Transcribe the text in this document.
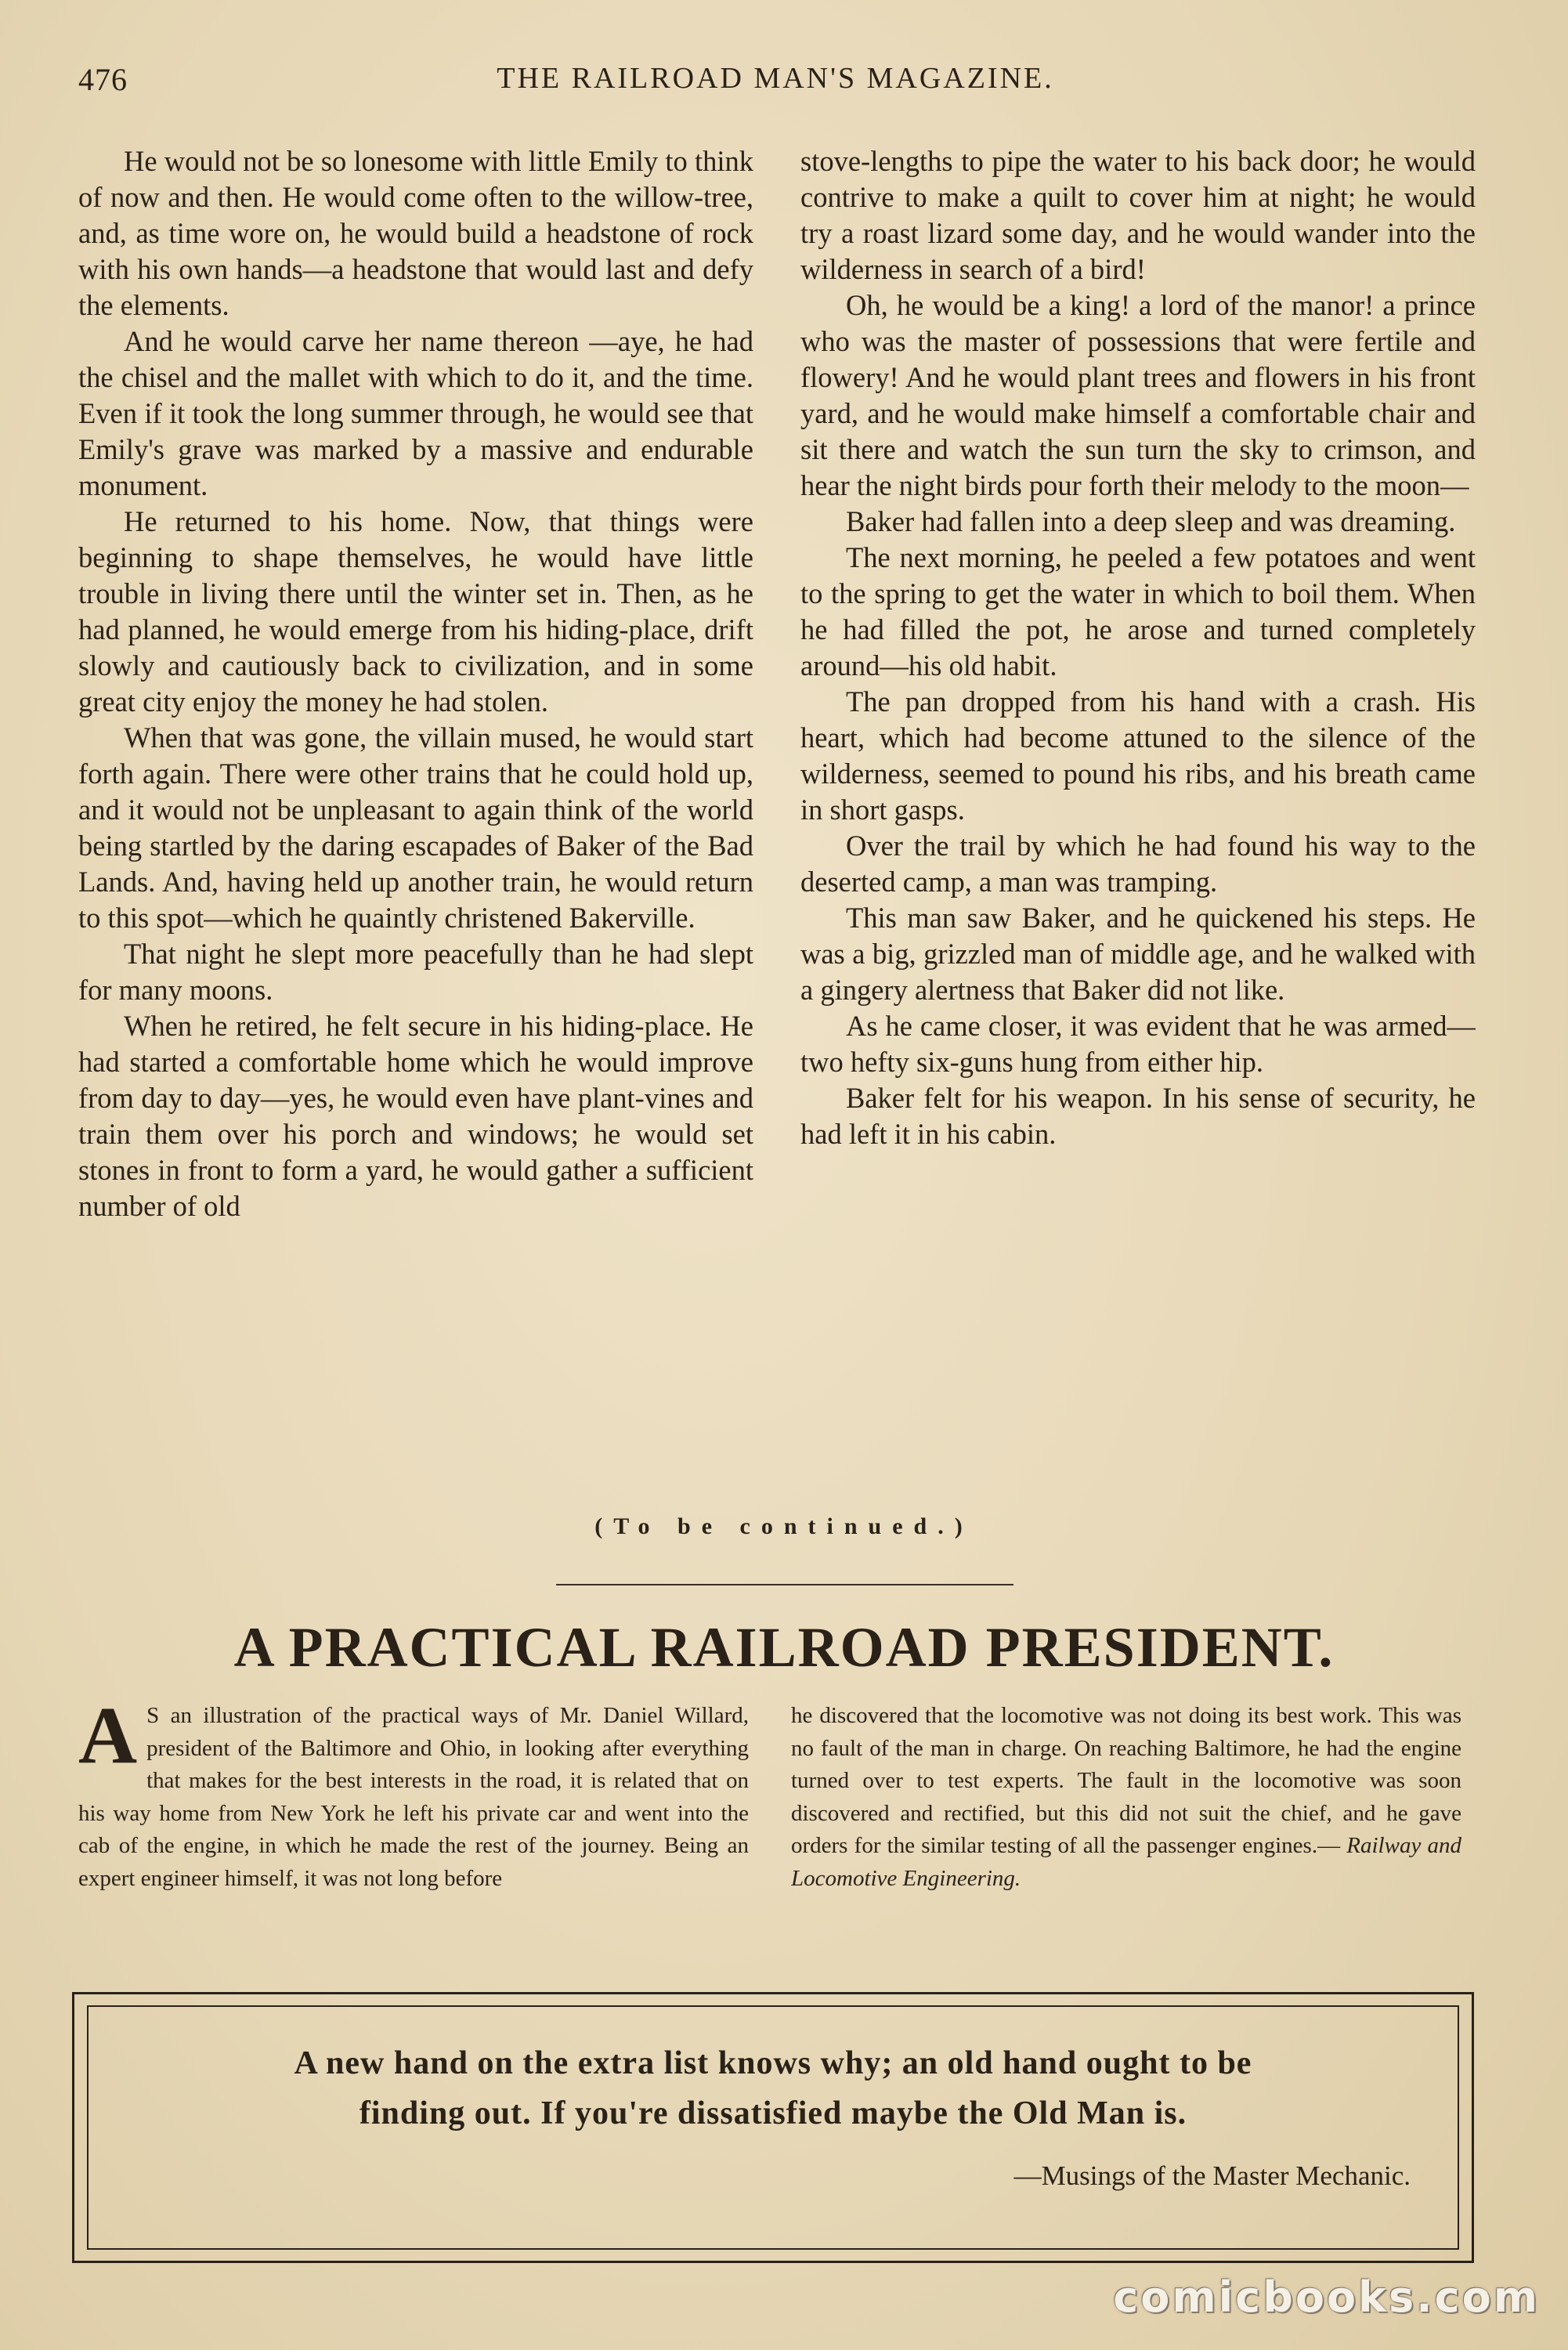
476	THE RAILROAD MAN'S MAGAZINE.

He would not be so lonesome with little Emily to think of now and then. He would come often to the willow-tree, and, as time wore on, he would build a headstone of rock with his own hands—a headstone that would last and defy the elements.

And he would carve her name thereon —aye, he had the chisel and the mallet with which to do it, and the time. Even if it took the long summer through, he would see that Emily's grave was marked by a massive and endurable monument.

He returned to his home. Now, that things were beginning to shape themselves, he would have little trouble in living there until the winter set in. Then, as he had planned, he would emerge from his hiding-place, drift slowly and cautiously back to civilization, and in some great city enjoy the money he had stolen.

When that was gone, the villain mused, he would start forth again. There were other trains that he could hold up, and it would not be unpleasant to again think of the world being startled by the daring escapades of Baker of the Bad Lands. And, having held up another train, he would return to this spot—which he quaintly christened Bakerville.

That night he slept more peacefully than he had slept for many moons.

When he retired, he felt secure in his hiding-place. He had started a comfortable home which he would improve from day to day—yes, he would even have plant-vines and train them over his porch and windows; he would set stones in front to form a yard, he would gather a sufficient number of old

stove-lengths to pipe the water to his back door; he would contrive to make a quilt to cover him at night; he would try a roast lizard some day, and he would wander into the wilderness in search of a bird!

Oh, he would be a king! a lord of the manor! a prince who was the master of possessions that were fertile and flowery! And he would plant trees and flowers in his front yard, and he would make himself a comfortable chair and sit there and watch the sun turn the sky to crimson, and hear the night birds pour forth their melody to the moon—

Baker had fallen into a deep sleep and was dreaming.

The next morning, he peeled a few potatoes and went to the spring to get the water in which to boil them. When he had filled the pot, he arose and turned completely around—his old habit.

The pan dropped from his hand with a crash. His heart, which had become attuned to the silence of the wilderness, seemed to pound his ribs, and his breath came in short gasps.

Over the trail by which he had found his way to the deserted camp, a man was tramping.

This man saw Baker, and he quickened his steps. He was a big, grizzled man of middle age, and he walked with a gingery alertness that Baker did not like.

As he came closer, it was evident that he was armed—two hefty six-guns hung from either hip.

Baker felt for his weapon. In his sense of security, he had left it in his cabin.

(To be continued.)
A PRACTICAL RAILROAD PRESIDENT.
A S an illustration of the practical ways of Mr. Daniel Willard, president of the Baltimore and Ohio, in looking after everything that makes for the best interests in the road, it is related that on his way home from New York he left his private car and went into the cab of the engine, in which he made the rest of the journey. Being an expert engineer himself, it was not long before
he discovered that the locomotive was not doing its best work. This was no fault of the man in charge. On reaching Baltimore, he had the engine turned over to test experts. The fault in the locomotive was soon discovered and rectified, but this did not suit the chief, and he gave orders for the similar testing of all the passenger engines.— Railway and Locomotive Engineering.
A new hand on the extra list knows why; an old hand ought to be
finding out. If you're dissatisfied maybe the Old Man is.
—Musings of the Master Mechanic.
comicbooks.com
